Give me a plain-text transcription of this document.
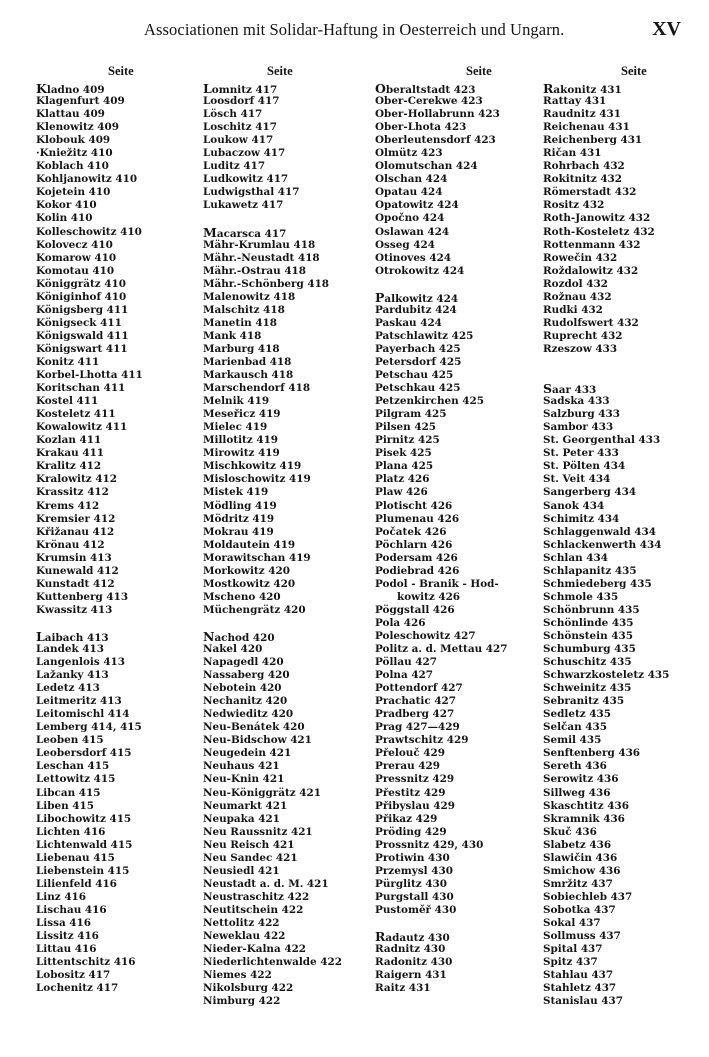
Associationen mit Solidar-Haftung in Oesterreich und Ungarn.	XV
Seite
Kladno 409
Klagenfurt 409
Klattau 409
Klenowitz 409
Klobouk 409
·Kniežitz 410
Koblach 410
Kohljanowitz 410
Kojetein 410
Kokor 410
Kolin 410
Kolleschowitz 410
Kolovecz 410
Komarow 410
Komotau 410
Königgrätz 410
Königinhof 410
Königsberg 411
Königseck 411
Königswald 411
Königswart 411
Konitz 411
Korbel-Lhotta 411
Koritschan 411
Kostel 411
Kosteletz 411
Kowalowitz 411
Kozlan 411
Krakau 411
Kralitz 412
Kralowitz 412
Krassitz 412
Krems 412
Kremsier 412
Křižanau 412
Krönau 412
Krumsin 413
Kunewald 412
Kunstadt 412
Kuttenberg 413
Kwassitz 413
Laibach 413
Landek 413
Langenlois 413
Lažanky 413
Ledetz 413
Leitmeritz 413
Leitomischl 414
Lemberg 414, 415
Leoben 415
Leobersdorf 415
Leschan 415
Lettowitz 415
Libcan 415
Liben 415
Libochowitz 415
Lichten 416
Lichtenwald 415
Liebenau 415
Liebenstein 415
Lilienfeld 416
Linz 416
Lischau 416
Lissa 416
Lissitz 416
Littau 416
Littentschitz 416
Lobositz 417
Lochenitz 417
Seite
Lomnitz 417
Loosdorf 417
Lösch 417
Loschitz 417
Loukow 417
Lubaczow 417
Luditz 417
Ludkowitz 417
Ludwigsthal 417
Lukawetz 417
Macarsca 417
Mähr-Krumlau 418
Mähr.-Neustadt 418
Mähr.-Ostrau 418
Mähr.-Schönberg 418
Malenowitz 418
Malschitz 418
Manetin 418
Mank 418
Marburg 418
Marienbad 418
Markausch 418
Marschendorf 418
Melnik 419
Meseřicz 419
Mielec 419
Millotitz 419
Mirowitz 419
Mischkowitz 419
Misloschowitz 419
Mistek 419
Mödling 419
Mödritz 419
Mokrau 419
Moldautein 419
Morawitschan 419
Morkowitz 420
Mostkowitz 420
Mscheno 420
Müchengrätz 420
Nachod 420
Nakel 420
Napagedl 420
Nassaberg 420
Nebotein 420
Nechanitz 420
Nedwieditz 420
Neu-Benátek 420
Neu-Bidschow 421
Neugedein 421
Neuhaus 421
Neu-Knin 421
Neu-Königgrätz 421
Neumarkt 421
Neupaka 421
Neu Raussnitz 421
Neu Reisch 421
Neu Sandec 421
Neusiedl 421
Neustadt a. d. M. 421
Neustraschitz 422
Neutitschein 422
Nettolitz 422
Neweklau 422
Nieder-Kalna 422
Niederlichtenwalde 422
Niemes 422
Nikolsburg 422
Nimburg 422
Seite
Oberaltstadt 423
Ober-Cerekwe 423
Ober-Hollabrunn 423
Ober-Lhota 423
Oberleutensdorf 423
Olmütz 423
Olomutschan 424
Olschan 424
Opatau 424
Opatowitz 424
Opočno 424
Oslawan 424
Osseg 424
Otinoves 424
Otrokowitz 424
Palkowitz 424
Pardubitz 424
Paskau 424
Patschlawitz 425
Payerbach 425
Petersdorf 425
Petschau 425
Petschkau 425
Petzenkirchen 425
Pilgram 425
Pilsen 425
Pirnitz 425
Pisek 425
Plana 425
Platz 426
Plaw 426
Plotischt 426
Plumenau 426
Počatek 426
Pöchlarn 426
Podersam 426
Podiebrad 426
Podol - Branik - Hod-
kowitz 426
Pöggstall 426
Pola 426
Poleschowitz 427
Politz a. d. Mettau 427
Pöllau 427
Polna 427
Pottendorf 427
Prachatic 427
Pradberg 427
Prag 427—429
Prawtschitz 429
Přelouč 429
Prerau 429
Pressnitz 429
Přestitz 429
Přibyslau 429
Přikaz 429
Pröding 429
Prossnitz 429, 430
Protiwin 430
Przemysl 430
Pürglitz 430
Purgstall 430
Pustoměř 430
Radautz 430
Radnitz 430
Radonitz 430
Raigern 431
Raitz 431
Seite
Rakonitz 431
Rattay 431
Raudnitz 431
Reichenau 431
Reichenberg 431
Ričan 431
Rohrbach 432
Rokitnitz 432
Römerstadt 432
Rositz 432
Roth-Janowitz 432
Roth-Kosteletz 432
Rottenmann 432
Rowečin 432
Roždalowitz 432
Rozdol 432
Rožnau 432
Rudki 432
Rudolfswert 432
Ruprecht 432
Rzeszow 433
Saar 433
Sadska 433
Salzburg 433
Sambor 433
St. Georgenthal 433
St. Peter 433
St. Pölten 434
St. Veit 434
Sangerberg 434
Sanok 434
Schimitz 434
Schlaggenwald 434
Schlackenwerth 434
Schlan 434
Schlapanitz 435
Schmiedeberg 435
Schmole 435
Schönbrunn 435
Schönlinde 435
Schönstein 435
Schumburg 435
Schuschitz 435
Schwarzkosteletz 435
Schweinitz 435
Sebranitz 435
Sedletz 435
Selčan 435
Semil 435
Senftenberg 436
Sereth 436
Serowitz 436
Sillweg 436
Skaschtitz 436
Skramnik 436
Skuč 436
Slabetz 436
Slawičin 436
Smichow 436
Smržitz 437
Sobiechleb 437
Sobotka 437
Sokal 437
Sollmuss 437
Spital 437
Spitz 437
Stahlau 437
Stahletz 437
Stanislau 437
